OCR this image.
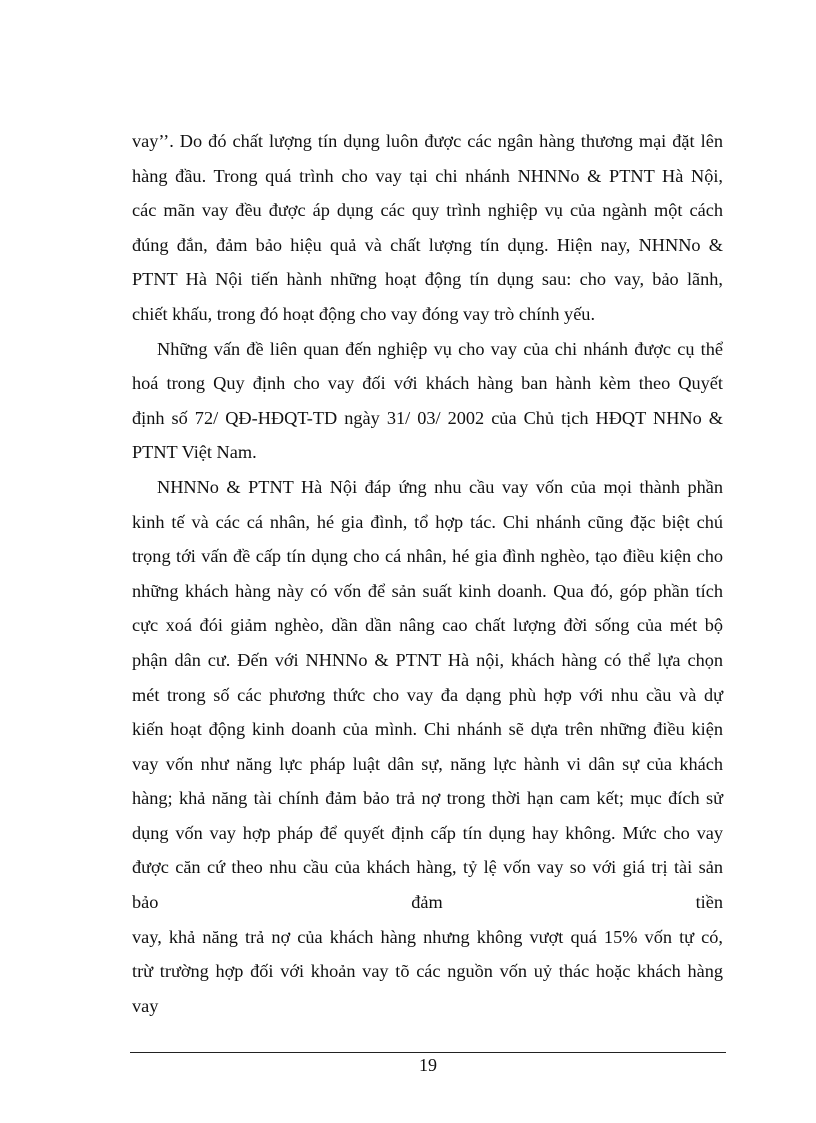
vay’’. Do đó chất lượng tín dụng luôn được các ngân hàng thương mại đặt lên
hàng đầu. Trong quá trình cho vay tại chi nhánh NHNNo & PTNT Hà Nội,
các mãn vay đều được áp dụng các quy trình nghiệp vụ của ngành một cách
đúng đắn, đảm bảo hiệu quả và chất lượng tín dụng. Hiện nay, NHNNo &
PTNT Hà Nội tiến hành những hoạt động tín dụng sau: cho vay, bảo lãnh,
chiết khấu, trong đó hoạt động cho vay đóng vay trò chính yếu.
Những vấn đề liên quan đến nghiệp vụ cho vay của chi nhánh được cụ thể
hoá trong Quy định cho vay đối với khách hàng ban hành kèm theo Quyết
định số 72/ QĐ-HĐQT-TD ngày 31/ 03/ 2002 của Chủ tịch HĐQT NHNo &
PTNT Việt Nam.
NHNNo & PTNT Hà Nội đáp ứng nhu cầu vay vốn của mọi thành phần
kinh tế và các cá nhân, hé gia đình, tổ hợp tác. Chi nhánh cũng đặc biệt chú
trọng tới vấn đề cấp tín dụng cho cá nhân, hé gia đình nghèo, tạo điều kiện cho
những khách hàng này có vốn để sản suất kinh doanh. Qua đó, góp phần tích
cực xoá đói giảm nghèo, dần dần nâng cao chất lượng đời sống của mét bộ
phận dân cư. Đến với NHNNo & PTNT Hà nội, khách hàng có thể lựa chọn
mét trong số các phương thức cho vay đa dạng phù hợp với nhu cầu và dự
kiến hoạt động kinh doanh của mình. Chi nhánh sẽ dựa trên những điều kiện
vay vốn như năng lực pháp luật dân sự, năng lực hành vi dân sự của khách
hàng; khả năng tài chính đảm bảo trả nợ trong thời hạn cam kết; mục đích sử
dụng vốn vay hợp pháp để quyết định cấp tín dụng hay không. Mức cho vay
được căn cứ theo nhu cầu của khách hàng, tỷ lệ vốn vay so với giá trị tài sản
bảo đảm tiền
vay, khả năng trả nợ của khách hàng nhưng không vượt quá 15% vốn tự có,
trừ trường hợp đối với khoản vay tõ các nguồn vốn uỷ thác hoặc khách hàng
vay
19
